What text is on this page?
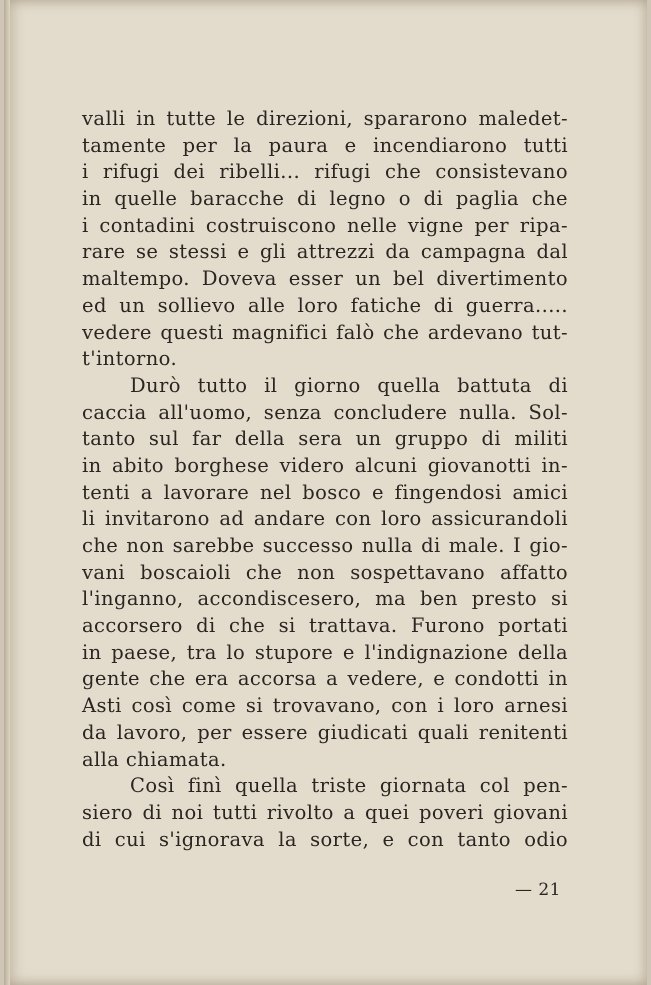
valli in tutte le direzioni, spararono maledet-
tamente per la paura e incendiarono tutti
i rifugi dei ribelli... rifugi che consistevano
in quelle baracche di legno o di paglia che
i contadini costruiscono nelle vigne per ripa-
rare se stessi e gli attrezzi da campagna dal
maltempo. Doveva esser un bel divertimento
ed un sollievo alle loro fatiche di guerra.....
vedere questi magnifici falò che ardevano tut-
t'intorno.
Durò tutto il giorno quella battuta di
caccia all'uomo, senza concludere nulla. Sol-
tanto sul far della sera un gruppo di militi
in abito borghese videro alcuni giovanotti in-
tenti a lavorare nel bosco e fingendosi amici
li invitarono ad andare con loro assicurandoli
che non sarebbe successo nulla di male. I gio-
vani boscaioli che non sospettavano affatto
l'inganno, accondiscesero, ma ben presto si
accorsero di che si trattava. Furono portati
in paese, tra lo stupore e l'indignazione della
gente che era accorsa a vedere, e condotti in
Asti così come si trovavano, con i loro arnesi
da lavoro, per essere giudicati quali renitenti
alla chiamata.
Così finì quella triste giornata col pen-
siero di noi tutti rivolto a quei poveri giovani
di cui s'ignorava la sorte, e con tanto odio
— 21
